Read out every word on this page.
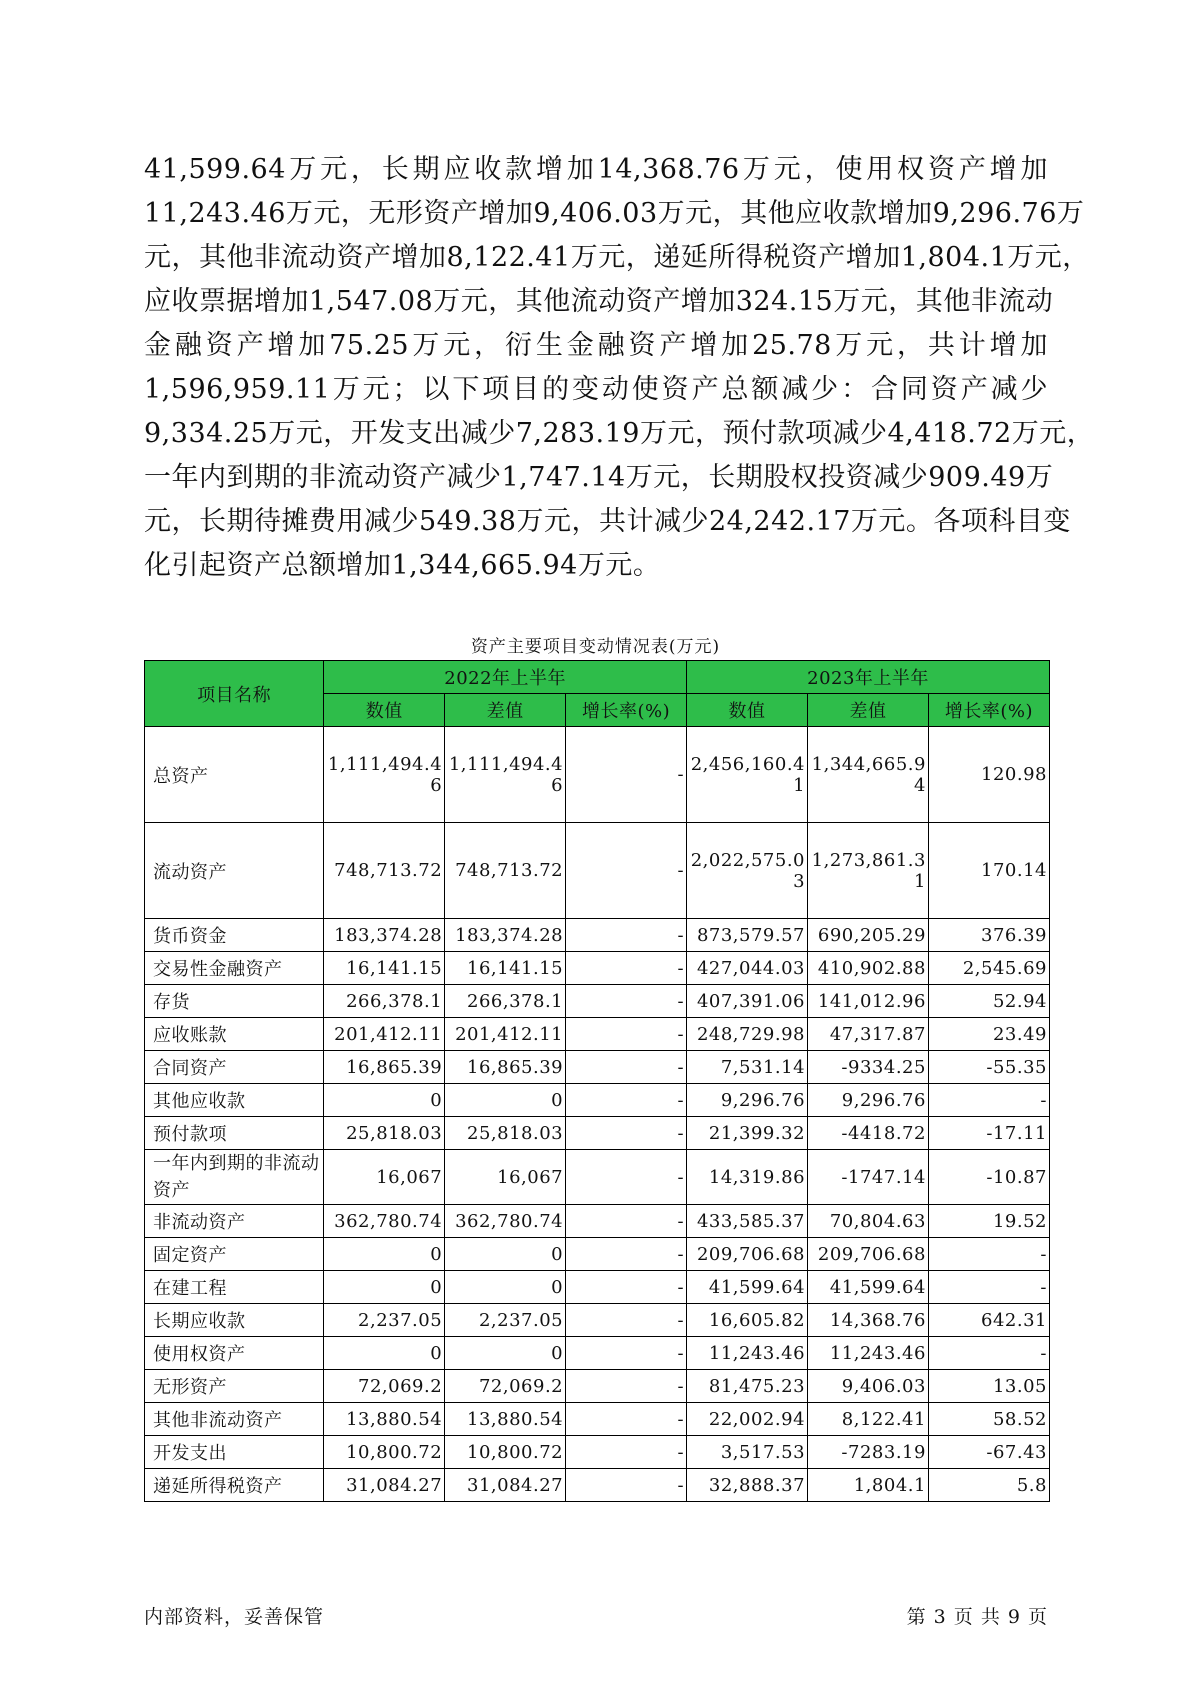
41,599.64万元，长期应收款增加14,368.76万元，使用权资产增加
11,243.46万元，无形资产增加9,406.03万元，其他应收款增加9,296.76万
元，其他非流动资产增加8,122.41万元，递延所得税资产增加1,804.1万元，
应收票据增加1,547.08万元，其他流动资产增加324.15万元，其他非流动
金融资产增加75.25万元，衍生金融资产增加25.78万元，共计增加
1,596,959.11万元；以下项目的变动使资产总额减少：合同资产减少
9,334.25万元，开发支出减少7,283.19万元，预付款项减少4,418.72万元，
一年内到期的非流动资产减少1,747.14万元，长期股权投资减少909.49万
元，长期待摊费用减少549.38万元，共计减少24,242.17万元。各项科目变
化引起资产总额增加1,344,665.94万元。
资产主要项目变动情况表(万元)
项目名称	2022年上半年			2023年上半年		
	数值	差值	增长率(%)	数值	差值	增长率(%)
总资产	1,111,494.46	1,111,494.46	-	2,456,160.41	1,344,665.94	120.98
流动资产	748,713.72	748,713.72	-	2,022,575.03	1,273,861.31	170.14
货币资金	183,374.28	183,374.28	-	873,579.57	690,205.29	376.39
交易性金融资产	16,141.15	16,141.15	-	427,044.03	410,902.88	2,545.69
存货	266,378.1	266,378.1	-	407,391.06	141,012.96	52.94
应收账款	201,412.11	201,412.11	-	248,729.98	47,317.87	23.49
合同资产	16,865.39	16,865.39	-	7,531.14	-9334.25	-55.35
其他应收款	0	0	-	9,296.76	9,296.76	-
预付款项	25,818.03	25,818.03	-	21,399.32	-4418.72	-17.11
一年内到期的非流动资产	16,067	16,067	-	14,319.86	-1747.14	-10.87
非流动资产	362,780.74	362,780.74	-	433,585.37	70,804.63	19.52
固定资产	0	0	-	209,706.68	209,706.68	-
在建工程	0	0	-	41,599.64	41,599.64	-
长期应收款	2,237.05	2,237.05	-	16,605.82	14,368.76	642.31
使用权资产	0	0	-	11,243.46	11,243.46	-
无形资产	72,069.2	72,069.2	-	81,475.23	9,406.03	13.05
其他非流动资产	13,880.54	13,880.54	-	22,002.94	8,122.41	58.52
开发支出	10,800.72	10,800.72	-	3,517.53	-7283.19	-67.43
递延所得税资产	31,084.27	31,084.27	-	32,888.37	1,804.1	5.8
内部资料，妥善保管	第 3 页 共 9 页
